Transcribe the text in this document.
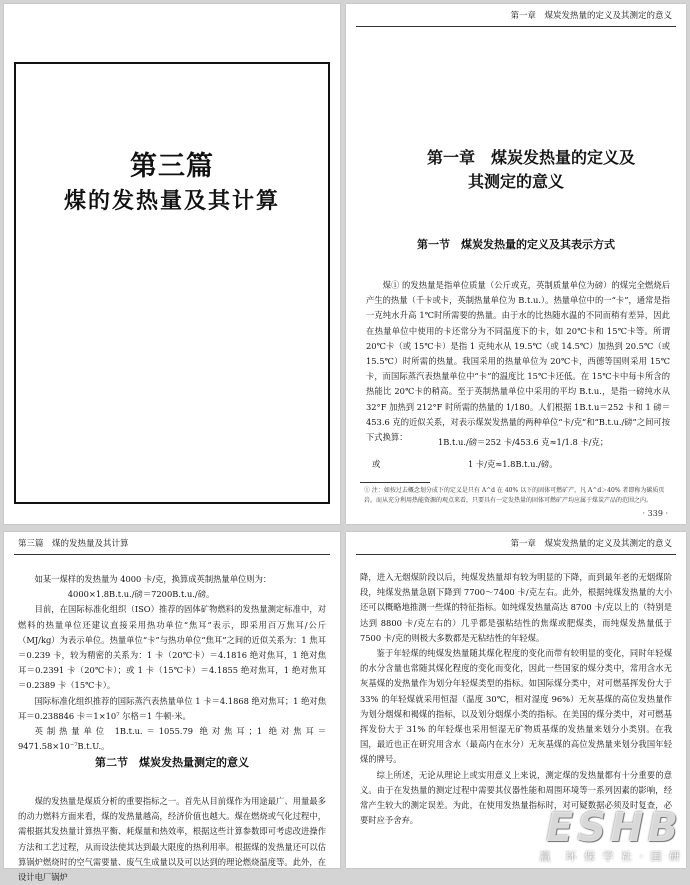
第三篇
煤的发热量及其计算
第一章　煤炭发热量的定义及其测定的意义
第一章　煤炭发热量的定义及
其测定的意义
第一节　煤炭发热量的定义及其表示方式

煤① 的发热量是指单位质量（公斤或克，英制质量单位为磅）的煤完全燃烧后产生的热量（千卡或卡，英制热量单位为 B.t.u.）。热量单位中的一“卡”，通常是指一克纯水升高 1℃时所需要的热量。由于水的比热随水温的不同而稍有差异，因此在热量单位中使用的卡还常分为不同温度下的卡，如 20℃卡和 15℃卡等。所谓 20℃卡（或 15℃卡）是指 1 克纯水从 19.5℃（或 14.5℃）加热到 20.5℃（或 15.5℃）时所需的热量。我国采用的热量单位为 20℃卡，西德等国则采用 15℃卡，而国际蒸汽表热量单位中“卡”的温度比 15℃卡还低。在 15℃卡中每卡所含的热能比 20℃卡的稍高。至于英制热量单位中采用的平均 B.t.u.，是指一磅纯水从 32°F 加热到 212°F 时所需的热量的 1/180。人们根据 1B.t.u＝252 卡和 1 磅＝453.6 克的近似关系，对表示煤炭发热量的两种单位“卡/克”和“B.t.u./磅”之间可按下式换算：	1B.t.u./磅＝252 卡/453.6 克≈1/1.8 卡/克；
或	1 卡/克≈1.8B.t.u./磅。
① 注：如按过去概念划分成下的定义是只有 A^d 在 40% 以下的固体可燃矿产，凡 A^d＞40% 者即称为碳质页岩。而从充分利用热能资源的观点来看，只要具有一定发热量的固体可燃矿产均应属于煤炭产品的范围之内。
· 339 ·
第三篇　煤的发热量及其计算

如某一煤样的发热量为 4000 卡/克，换算成英制热量单位则为：

4000×1.8B.t.u./磅＝7200B.t.u./磅。

目前，在国际标准化组织（ISO）推荐的固体矿物燃料的发热量测定标准中，对燃料的热量单位还建议直接采用热功单位“焦耳”表示，即采用百万焦耳/公斤（MJ/kg）为表示单位。热量单位“卡”与热功单位“焦耳”之间的近似关系为：1 焦耳＝0.239 卡，较为精密的关系为：1 卡（20℃卡）＝4.1816 绝对焦耳，1 绝对焦耳＝0.2391 卡（20℃卡）；或 1 卡（15℃卡）＝4.1855 绝对焦耳，1 绝对焦耳＝0.2389 卡（15℃卡）。

国际标准化组织推荐的国际蒸汽表热量单位 1 卡＝4.1868 绝对焦耳；1 绝对焦耳＝0.238846 卡＝1×10⁷ 尔格＝1 牛顿·米。

英制热量单位 1B.t.u.＝1055.79 绝对焦耳；1 绝对焦耳＝9471.58×10⁻⁷B.t.U.。

第二节　煤炭发热量测定的意义

煤的发热量是煤质分析的重要指标之一。首先从目前煤作为用途最广、用量最多的动力燃料方面来看，煤的发热量越高，经济价值也越大。煤在燃烧或气化过程中，需根据其发热量计算热平衡、耗煤量和热效率，根据这些计算参数即可考虑改进操作方法和工艺过程，从而设法使其达到最大限度的热利用率。根据煤的发热量还可以估算锅炉燃烧时的空气需要量、废气生成量以及可以达到的理论燃烧温度等。此外，在设计电厂锅炉

第一章　煤炭发热量的定义及其测定的意义

降，进入无烟煤阶段以后，纯煤发热量却有较为明显的下降，而到最年老的无烟煤阶段，纯煤发热量急剧下降到 7700～7400 卡/克左右。此外，根据纯煤发热量的大小还可以概略地推测一些煤的特征指标。如纯煤发热量高达 8700 卡/克以上的（特别是达到 8800 卡/克左右的）几乎都是强粘结性的焦煤或肥煤类，而纯煤发热量低于 7500 卡/克的则极大多数都是无粘结性的年轻煤。

鉴于年轻煤的纯煤发热量随其煤化程度的变化而带有较明显的变化，同时年轻煤的水分含量也常随其煤化程度的变化而变化，因此一些国家的煤分类中，常用含水无灰基煤的发热量作为划分年轻煤类型的指标。如国际煤分类中，对可燃基挥发份大于 33% 的年轻煤就采用恒湿（温度 30℃，相对湿度 96%）无灰基煤的高位发热量作为划分烟煤和褐煤的指标，以及划分烟煤小类的指标。在美国的煤分类中，对可燃基挥发份大于 31% 的年轻煤也采用恒湿无矿物质基煤的发热量来划分小类别。在我国，最近也正在研究用含水（最高内在水分）无灰基煤的高位发热量来划分我国年轻煤的牌号。

综上所述，无论从理论上或实用意义上来说，测定煤的发热量都有十分重要的意义。由于在发热量的测定过程中需要其仪器性能和周围环境等一系列因素的影响，经常产生较大的测定误差。为此，在使用发热量指标时，对可疑数据必须及时复查，必要时应予舍弃。	ESHB
赢　环 保 学 社 · 国 研
